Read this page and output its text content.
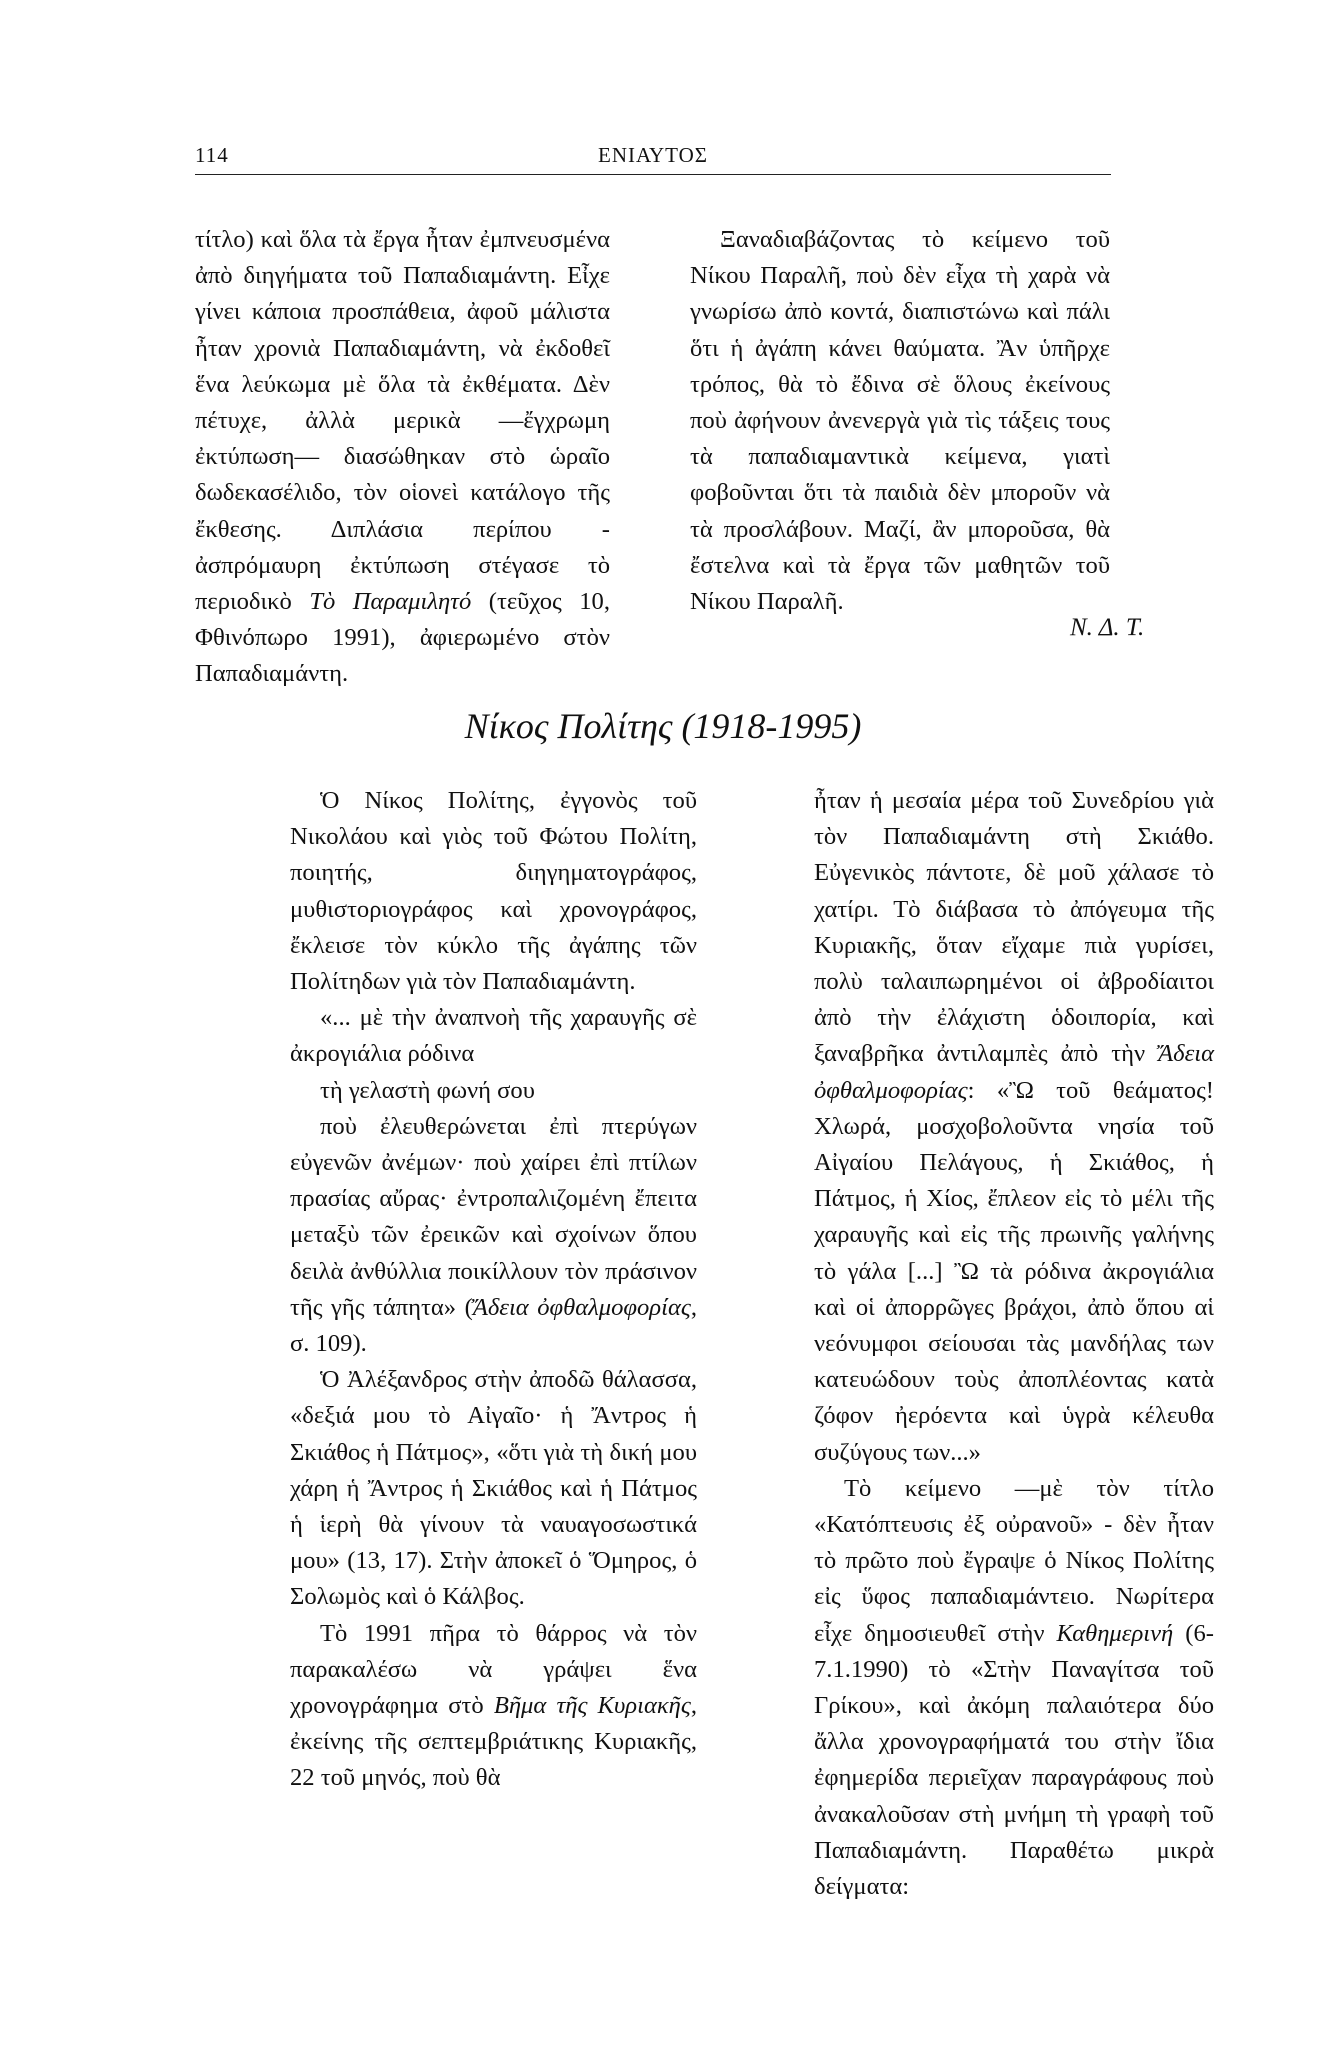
114	ΕΝΙΑΥΤΟΣ

τίτλο) καὶ ὅλα τὰ ἔργα ἦταν ἐμπνευσμένα ἀπὸ διηγήματα τοῦ Παπαδιαμάντη. Εἶχε γίνει κάποια προσπάθεια, ἀφοῦ μάλιστα ἦταν χρονιὰ Παπαδιαμάντη, νὰ ἐκδοθεῖ ἕνα λεύκωμα μὲ ὅλα τὰ ἐκθέματα. Δὲν πέτυχε, ἀλλὰ μερικὰ —ἔγχρωμη ἐκτύπωση— διασώθηκαν στὸ ὡραῖο δωδεκασέλιδο, τὸν οἱονεὶ κατάλογο τῆς ἔκθεσης. Διπλάσια περίπου - ἀσπρόμαυρη ἐκτύπωση στέγασε τὸ περιοδικὸ Τὸ Παραμιλητό (τεῦχος 10, Φθινόπωρο 1991), ἀφιερωμένο στὸν Παπαδιαμάντη.

Ξαναδιαβάζοντας τὸ κείμενο τοῦ Νίκου Παραλῆ, ποὺ δὲν εἶχα τὴ χαρὰ νὰ γνωρίσω ἀπὸ κοντά, διαπιστώνω καὶ πάλι ὅτι ἡ ἀγάπη κάνει θαύματα. Ἂν ὑπῆρχε τρόπος, θὰ τὸ ἔδινα σὲ ὅλους ἐκείνους ποὺ ἀφήνουν ἀνενεργὰ γιὰ τὶς τάξεις τους τὰ παπαδιαμαντικὰ κείμενα, γιατὶ φοβοῦνται ὅτι τὰ παιδιὰ δὲν μποροῦν νὰ τὰ προσλάβουν. Μαζί, ἂν μποροῦσα, θὰ ἔστελνα καὶ τὰ ἔργα τῶν μαθητῶν τοῦ Νίκου Παραλῆ.

Ν. Δ. Τ.
Νίκος Πολίτης (1918-1995)

Ὁ Νίκος Πολίτης, ἐγγονὸς τοῦ Νικολάου καὶ γιὸς τοῦ Φώτου Πολίτη, ποιητής, διηγηματογράφος, μυθιστοριογράφος καὶ χρονογράφος, ἔκλεισε τὸν κύκλο τῆς ἀγάπης τῶν Πολίτηδων γιὰ τὸν Παπαδιαμάντη.

«... μὲ τὴν ἀναπνοὴ τῆς χαραυγῆς σὲ ἀκρογιάλια ρόδινα

τὴ γελαστὴ φωνή σου

ποὺ ἐλευθερώνεται ἐπὶ πτερύγων εὐγενῶν ἀνέμων· ποὺ χαίρει ἐπὶ πτίλων πρασίας αὔρας· ἐντροπαλιζομένη ἔπειτα μεταξὺ τῶν ἐρεικῶν καὶ σχοίνων ὅπου δειλὰ ἀνθύλλια ποικίλλουν τὸν πράσινον τῆς γῆς τάπητα» (Ἄδεια ὀφθαλμοφορίας, σ. 109).

Ὁ Ἀλέξανδρος στὴν ἀποδῶ θάλασσα, «δεξιά μου τὸ Αἰγαῖο· ἡ Ἄντρος ἡ Σκιάθος ἡ Πάτμος», «ὅτι γιὰ τὴ δική μου χάρη ἡ Ἄντρος ἡ Σκιάθος καὶ ἡ Πάτμος ἡ ἱερὴ θὰ γίνουν τὰ ναυαγοσωστικά μου» (13, 17). Στὴν ἀποκεῖ ὁ Ὅμηρος, ὁ Σολωμὸς καὶ ὁ Κάλβος.

Τὸ 1991 πῆρα τὸ θάρρος νὰ τὸν παρακαλέσω νὰ γράψει ἕνα χρονογράφημα στὸ Βῆμα τῆς Κυριακῆς, ἐκείνης τῆς σεπτεμβριάτικης Κυριακῆς, 22 τοῦ μηνός, ποὺ θὰ

ἦταν ἡ μεσαία μέρα τοῦ Συνεδρίου γιὰ τὸν Παπαδιαμάντη στὴ Σκιάθο. Εὐγενικὸς πάντοτε, δὲ μοῦ χάλασε τὸ χατίρι. Τὸ διάβασα τὸ ἀπόγευμα τῆς Κυριακῆς, ὅταν εἴχαμε πιὰ γυρίσει, πολὺ ταλαιπωρημένοι οἱ ἀβροδίαιτοι ἀπὸ τὴν ἐλάχιστη ὁδοιπορία, καὶ ξαναβρῆκα ἀντιλαμπὲς ἀπὸ τὴν Ἄδεια ὀφθαλμοφορίας: «Ὢ τοῦ θεάματος! Χλωρά, μοσχοβολοῦντα νησία τοῦ Αἰγαίου Πελάγους, ἡ Σκιάθος, ἡ Πάτμος, ἡ Χίος, ἔπλεον εἰς τὸ μέλι τῆς χαραυγῆς καὶ εἰς τῆς πρωινῆς γαλήνης τὸ γάλα [...] Ὢ τὰ ρόδινα ἀκρογιάλια καὶ οἱ ἀπορρῶγες βράχοι, ἀπὸ ὅπου αἱ νεόνυμφοι σείουσαι τὰς μανδήλας των κατευώδουν τοὺς ἀποπλέοντας κατὰ ζόφον ἠερόεντα καὶ ὑγρὰ κέλευθα συζύγους των...»

Τὸ κείμενο —μὲ τὸν τίτλο «Κατόπτευσις ἐξ οὐρανοῦ» - δὲν ἦταν τὸ πρῶτο ποὺ ἔγραψε ὁ Νίκος Πολίτης εἰς ὕφος παπαδιαμάντειο. Νωρίτερα εἶχε δημοσιευθεῖ στὴν Καθημερινή (6-7.1.1990) τὸ «Στὴν Παναγίτσα τοῦ Γρίκου», καὶ ἀκόμη παλαιότερα δύο ἄλλα χρονογραφήματά του στὴν ἴδια ἐφημερίδα περιεῖχαν παραγράφους ποὺ ἀνακαλοῦσαν στὴ μνήμη τὴ γραφὴ τοῦ Παπαδιαμάντη. Παραθέτω μικρὰ δείγματα:
